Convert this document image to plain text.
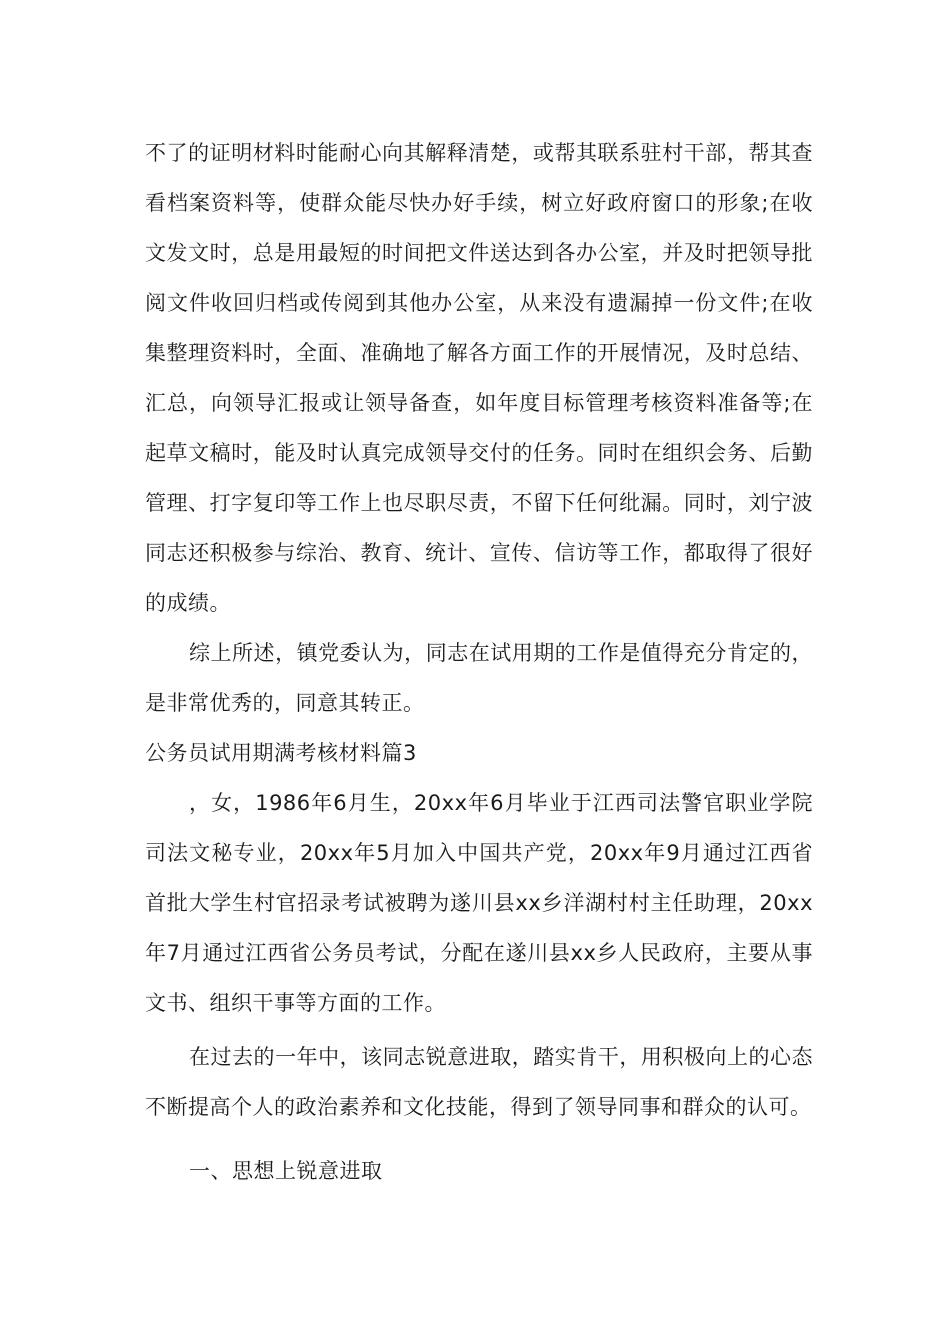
不了的证明材料时能耐心向其解释清楚，或帮其联系驻村干部，帮其查看档案资料等，使群众能尽快办好手续，树立好政府窗口的形象;在收文发文时，总是用最短的时间把文件送达到各办公室，并及时把领导批阅文件收回归档或传阅到其他办公室，从来没有遗漏掉一份文件;在收集整理资料时，全面、准确地了解各方面工作的开展情况，及时总结、汇总，向领导汇报或让领导备查，如年度目标管理考核资料准备等;在起草文稿时，能及时认真完成领导交付的任务。同时在组织会务、后勤管理、打字复印等工作上也尽职尽责，不留下任何纰漏。同时，刘宁波同志还积极参与综治、教育、统计、宣传、信访等工作，都取得了很好的成绩。

综上所述，镇党委认为，同志在试用期的工作是值得充分肯定的，是非常优秀的，同意其转正。

公务员试用期满考核材料篇3

，女，1986年6月生，20xx年6月毕业于江西司法警官职业学院司法文秘专业，20xx年5月加入中国共产党，20xx年9月通过江西省首批大学生村官招录考试被聘为遂川县xx乡洋湖村村主任助理，20xx年7月通过江西省公务员考试，分配在遂川县xx乡人民政府，主要从事文书、组织干事等方面的工作。

在过去的一年中，该同志锐意进取，踏实肯干，用积极向上的心态不断提高个人的政治素养和文化技能，得到了领导同事和群众的认可。

一、思想上锐意进取
